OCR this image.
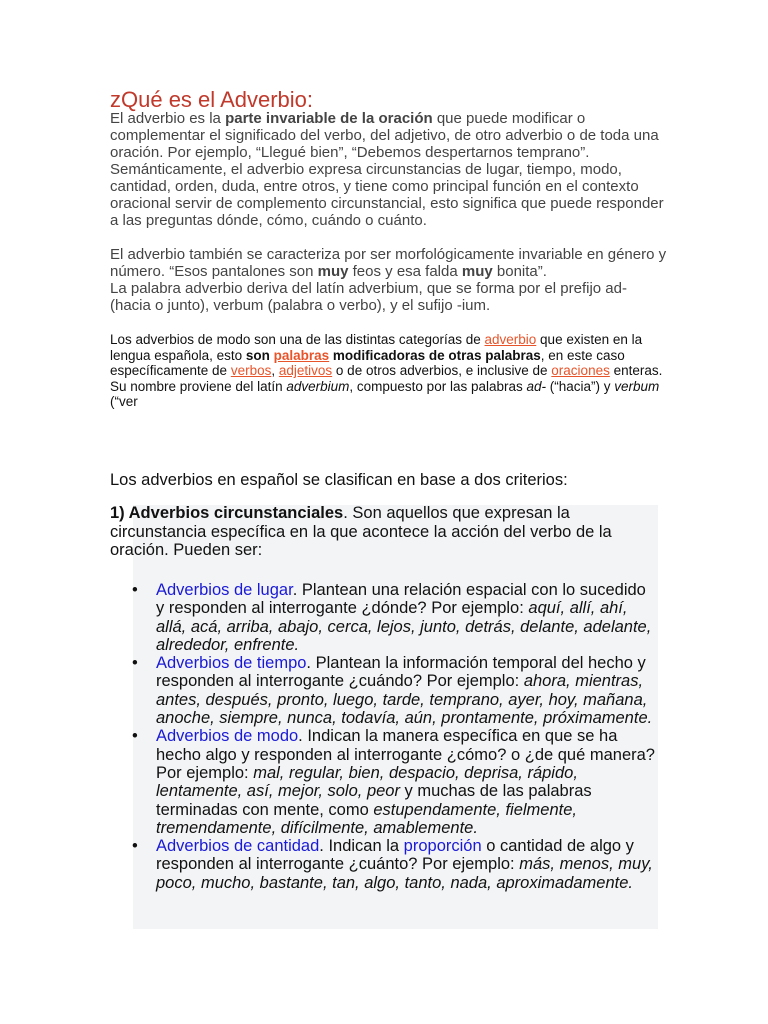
zQué es el Adverbio:

El adverbio es la parte invariable de la oración que puede modificar o complementar el significado del verbo, del adjetivo, de otro adverbio o de toda una oración. Por ejemplo, “Llegué bien”, “Debemos despertarnos temprano”. Semánticamente, el adverbio expresa circunstancias de lugar, tiempo, modo, cantidad, orden, duda, entre otros, y tiene como principal función en el contexto oracional servir de complemento circunstancial, esto significa que puede responder a las preguntas dónde, cómo, cuándo o cuánto.

El adverbio también se caracteriza por ser morfológicamente invariable en género y número. “Esos pantalones son muy feos y esa falda muy bonita”.
La palabra adverbio deriva del latín adverbium, que se forma por el prefijo ad- (hacia o junto), verbum (palabra o verbo), y el sufijo -ium.

Los adverbios de modo son una de las distintas categorías de adverbio que existen en la lengua española, esto son palabras modificadoras de otras palabras, en este caso específicamente de verbos, adjetivos o de otros adverbios, e inclusive de oraciones enteras. Su nombre proviene del latín adverbium, compuesto por las palabras ad- (“hacia”) y verbum (“ver

Los adverbios en español se clasifican en base a dos criterios:

1) Adverbios circunstanciales. Son aquellos que expresan la circunstancia específica en la que acontece la acción del verbo de la oración. Pueden ser:

• Adverbios de lugar. Plantean una relación espacial con lo sucedido y responden al interrogante ¿dónde? Por ejemplo: aquí, allí, ahí, allá, acá, arriba, abajo, cerca, lejos, junto, detrás, delante, adelante, alrededor, enfrente.
• Adverbios de tiempo. Plantean la información temporal del hecho y responden al interrogante ¿cuándo? Por ejemplo: ahora, mientras, antes, después, pronto, luego, tarde, temprano, ayer, hoy, mañana, anoche, siempre, nunca, todavía, aún, prontamente, próximamente.
• Adverbios de modo. Indican la manera específica en que se ha hecho algo y responden al interrogante ¿cómo? o ¿de qué manera? Por ejemplo: mal, regular, bien, despacio, deprisa, rápido, lentamente, así, mejor, solo, peor y muchas de las palabras terminadas con mente, como estupendamente, fielmente, tremendamente, difícilmente, amablemente.
• Adverbios de cantidad. Indican la proporción o cantidad de algo y responden al interrogante ¿cuánto? Por ejemplo: más, menos, muy, poco, mucho, bastante, tan, algo, tanto, nada, aproximadamente.
